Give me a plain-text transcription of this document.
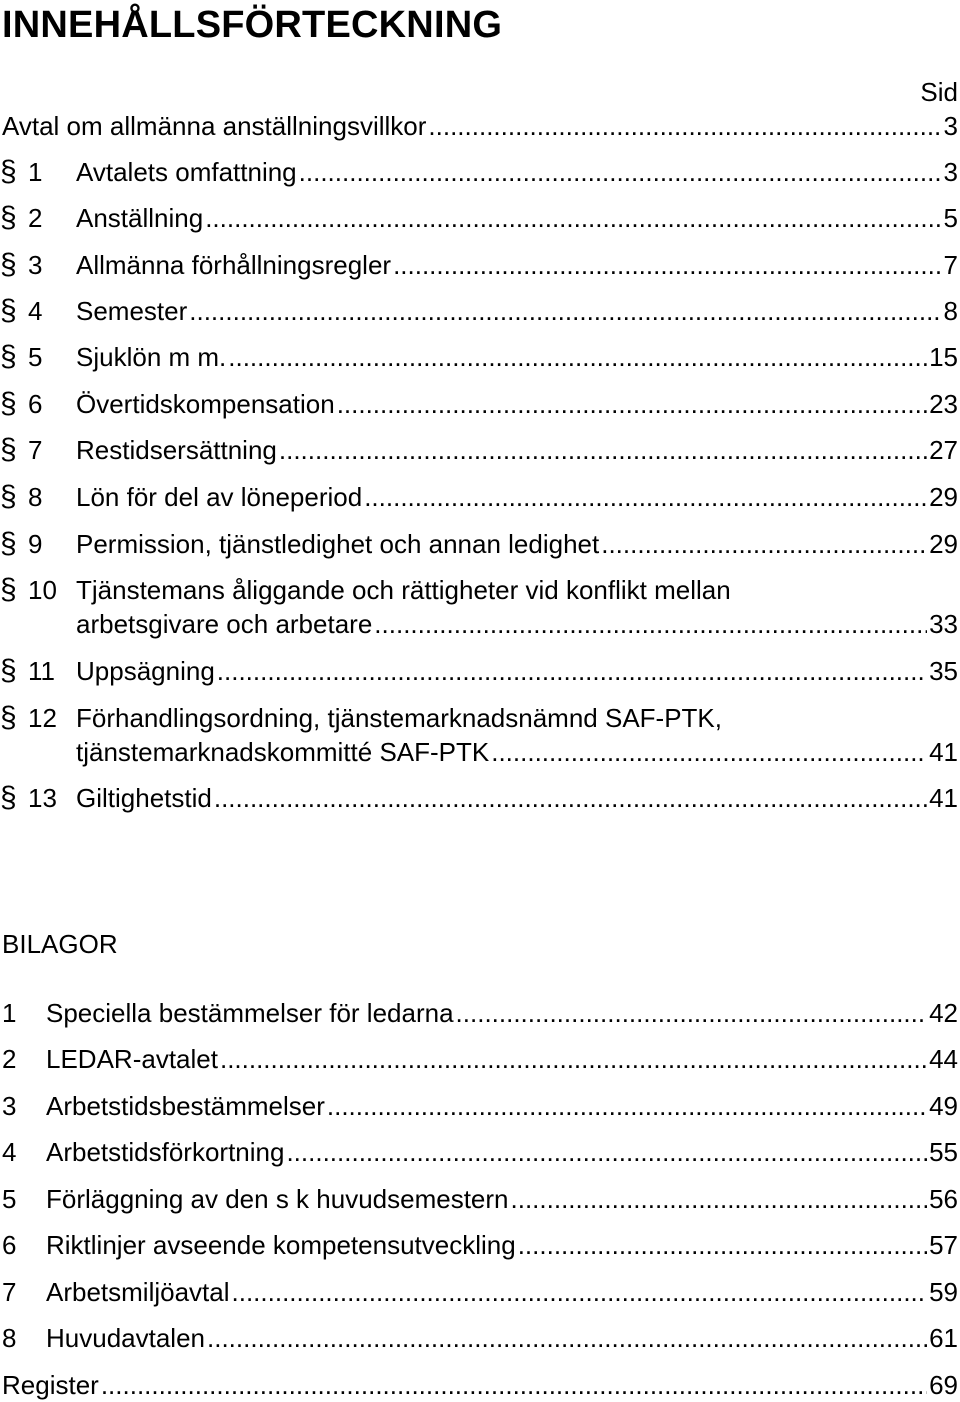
INNEHÅLLSFÖRTECKNING
Sid
Avtal om allmänna anställningsvillkor .....	3
§ 1	Avtalets omfattning .....	3
§ 2	Anställning .....	5
§ 3	Allmänna förhållningsregler .....	7
§ 4	Semester .....	8
§ 5	Sjuklön m m. .....	15
§ 6	Övertidskompensation .....	23
§ 7	Restidsersättning .....	27
§ 8	Lön för del av löneperiod .....	29
§ 9	Permission, tjänstledighet och annan ledighet .....	29
§ 10 Tjänstemans åliggande och rättigheter vid konflikt mellan
arbetsgivare och arbetare .....	33
§ 11 Uppsägning .....	35
§ 12 Förhandlingsordning, tjänstemarknadsnämnd SAF-PTK,
tjänstemarknadskommitté SAF-PTK .....	41
§ 13 Giltighetstid .....	41
BILAGOR
1	Speciella bestämmelser för ledarna .....	42
2	LEDAR-avtalet .....	44
3	Arbetstidsbestämmelser .....	49
4	Arbetstidsförkortning .....	55
5	Förläggning av den s k huvudsemestern .....	56
6	Riktlinjer avseende kompetensutveckling .....	57
7	Arbetsmiljöavtal .....	59
8	Huvudavtalen .....	61
Register .....	69
